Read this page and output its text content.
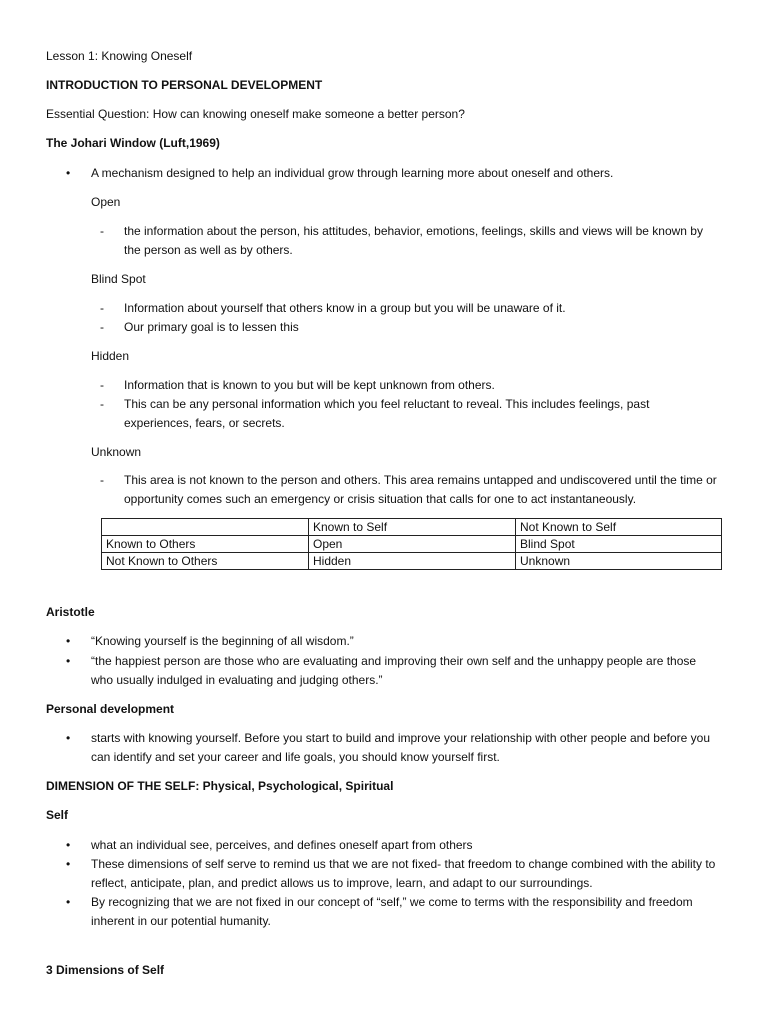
Lesson 1: Knowing Oneself

INTRODUCTION TO PERSONAL DEVELOPMENT

Essential Question: How can knowing oneself make someone a better person?

The Johari Window (Luft,1969)

•	A mechanism designed to help an individual grow through learning more about oneself and others.

Open

-	the information about the person, his attitudes, behavior, emotions, feelings, skills and views will be known by the person as well as by others.

Blind Spot

-	Information about yourself that others know in a group but you will be unaware of it.
-	Our primary goal is to lessen this

Hidden

-	Information that is known to you but will be kept unknown from others.
-	This can be any personal information which you feel reluctant to reveal. This includes feelings, past experiences, fears, or secrets.

Unknown

-	This area is not known to the person and others. This area remains untapped and undiscovered until the time or opportunity comes such an emergency or crisis situation that calls for one to act instantaneously.
	Known to Self	Not Known to Self
Known to Others	Open	Blind Spot
Not Known to Others	Hidden	Unknown

Aristotle

•	“Knowing yourself is the beginning of all wisdom.”
•	“the happiest person are those who are evaluating and improving their own self and the unhappy people are those who usually indulged in evaluating and judging others.”

Personal development

•	starts with knowing yourself. Before you start to build and improve your relationship with other people and before you can identify and set your career and life goals, you should know yourself first.

DIMENSION OF THE SELF: Physical, Psychological, Spiritual

Self

•	what an individual see, perceives, and defines oneself apart from others
•	These dimensions of self serve to remind us that we are not fixed- that freedom to change combined with the ability to reflect, anticipate, plan, and predict allows us to improve, learn, and adapt to our surroundings.
•	By recognizing that we are not fixed in our concept of “self,” we come to terms with the responsibility and freedom inherent in our potential humanity.

3 Dimensions of Self
